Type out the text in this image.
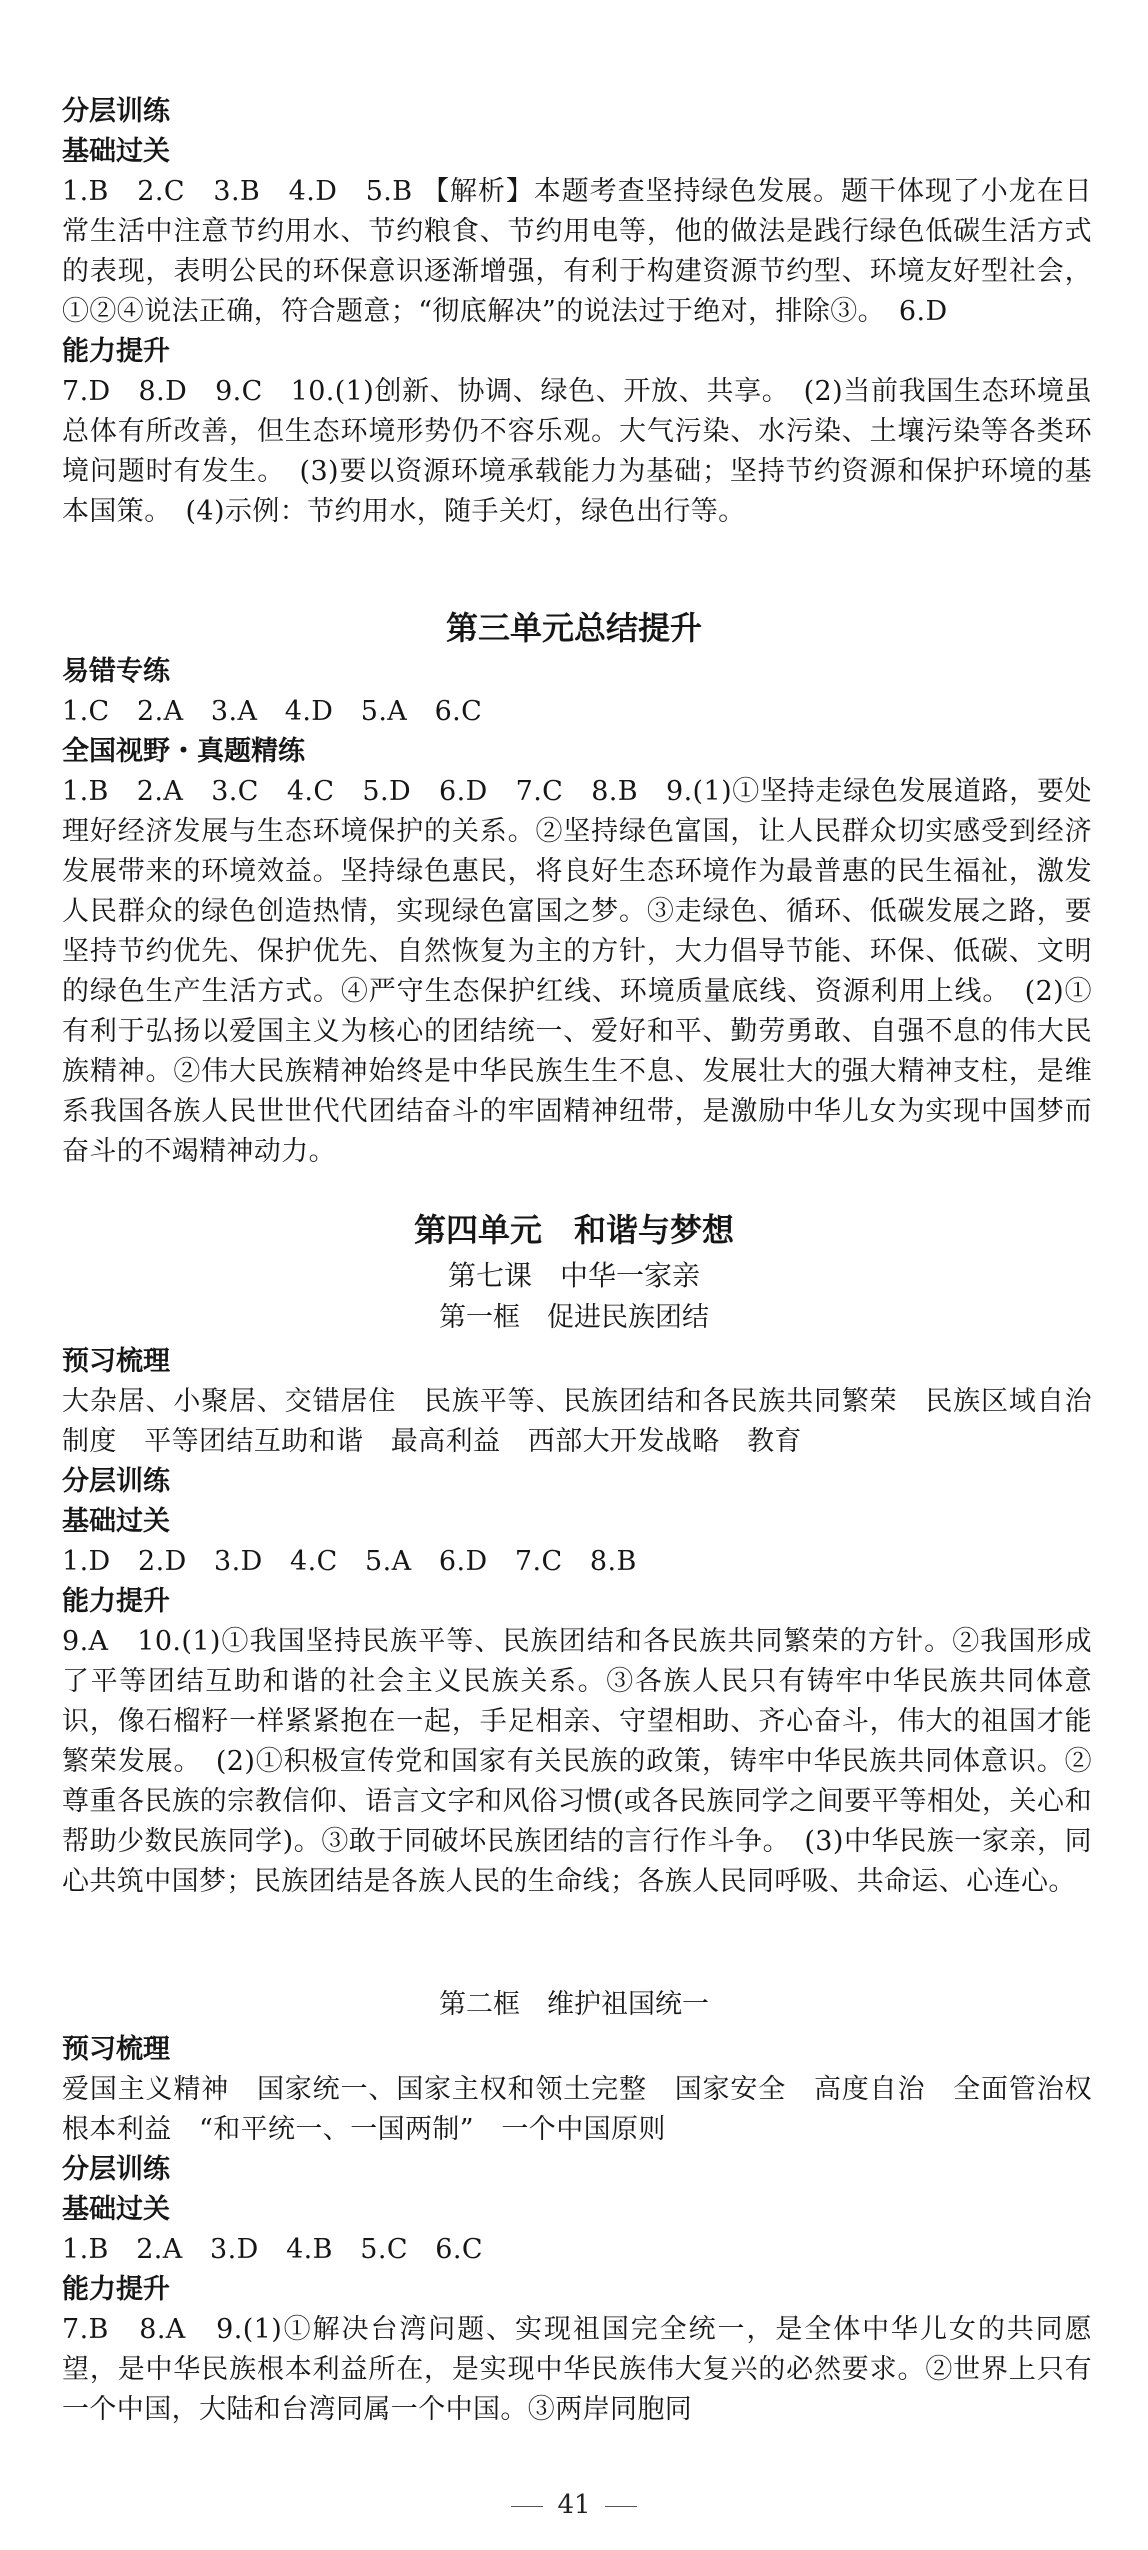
分层训练

基础过关

1.B　2.C　3.B　4.D　5.B 【解析】本题考查坚持绿色发展。题干体现了小龙在日常生活中注意节约用水、节约粮食、节约用电等，他的做法是践行绿色低碳生活方式的表现，表明公民的环保意识逐渐增强，有利于构建资源节约型、环境友好型社会，①②④说法正确，符合题意；“彻底解决”的说法过于绝对，排除③。　6.D

能力提升

7.D　8.D　9.C　10.(1)创新、协调、绿色、开放、共享。　(2)当前我国生态环境虽总体有所改善，但生态环境形势仍不容乐观。大气污染、水污染、土壤污染等各类环境问题时有发生。　(3)要以资源环境承载能力为基础；坚持节约资源和保护环境的基本国策。　(4)示例：节约用水，随手关灯，绿色出行等。

第三单元总结提升

易错专练

1.C　2.A　3.A　4.D　5.A　6.C

全国视野・真题精练

1.B　2.A　3.C　4.C　5.D　6.D　7.C　8.B　9.(1)①坚持走绿色发展道路，要处理好经济发展与生态环境保护的关系。②坚持绿色富国，让人民群众切实感受到经济发展带来的环境效益。坚持绿色惠民，将良好生态环境作为最普惠的民生福祉，激发人民群众的绿色创造热情，实现绿色富国之梦。③走绿色、循环、低碳发展之路，要坚持节约优先、保护优先、自然恢复为主的方针，大力倡导节能、环保、低碳、文明的绿色生产生活方式。④严守生态保护红线、环境质量底线、资源利用上线。　(2)①有利于弘扬以爱国主义为核心的团结统一、爱好和平、勤劳勇敢、自强不息的伟大民族精神。②伟大民族精神始终是中华民族生生不息、发展壮大的强大精神支柱，是维系我国各族人民世世代代团结奋斗的牢固精神纽带，是激励中华儿女为实现中国梦而奋斗的不竭精神动力。

第四单元　和谐与梦想

第七课　中华一家亲

第一框　促进民族团结

预习梳理

大杂居、小聚居、交错居住　民族平等、民族团结和各民族共同繁荣　民族区域自治制度　平等团结互助和谐　最高利益　西部大开发战略　教育

分层训练

基础过关

1.D　2.D　3.D　4.C　5.A　6.D　7.C　8.B

能力提升

9.A　10.(1)①我国坚持民族平等、民族团结和各民族共同繁荣的方针。②我国形成了平等团结互助和谐的社会主义民族关系。③各族人民只有铸牢中华民族共同体意识，像石榴籽一样紧紧抱在一起，手足相亲、守望相助、齐心奋斗，伟大的祖国才能繁荣发展。　(2)①积极宣传党和国家有关民族的政策，铸牢中华民族共同体意识。②尊重各民族的宗教信仰、语言文字和风俗习惯(或各民族同学之间要平等相处，关心和帮助少数民族同学)。③敢于同破坏民族团结的言行作斗争。　(3)中华民族一家亲，同心共筑中国梦；民族团结是各族人民的生命线；各族人民同呼吸、共命运、心连心。

第二框　维护祖国统一

预习梳理

爱国主义精神　国家统一、国家主权和领土完整　国家安全　高度自治　全面管治权　根本利益　“和平统一、一国两制”　一个中国原则

分层训练

基础过关

1.B　2.A　3.D　4.B　5.C　6.C

能力提升

7.B　8.A　9.(1)①解决台湾问题、实现祖国完全统一，是全体中华儿女的共同愿望，是中华民族根本利益所在，是实现中华民族伟大复兴的必然要求。②世界上只有一个中国，大陆和台湾同属一个中国。③两岸同胞同

41
